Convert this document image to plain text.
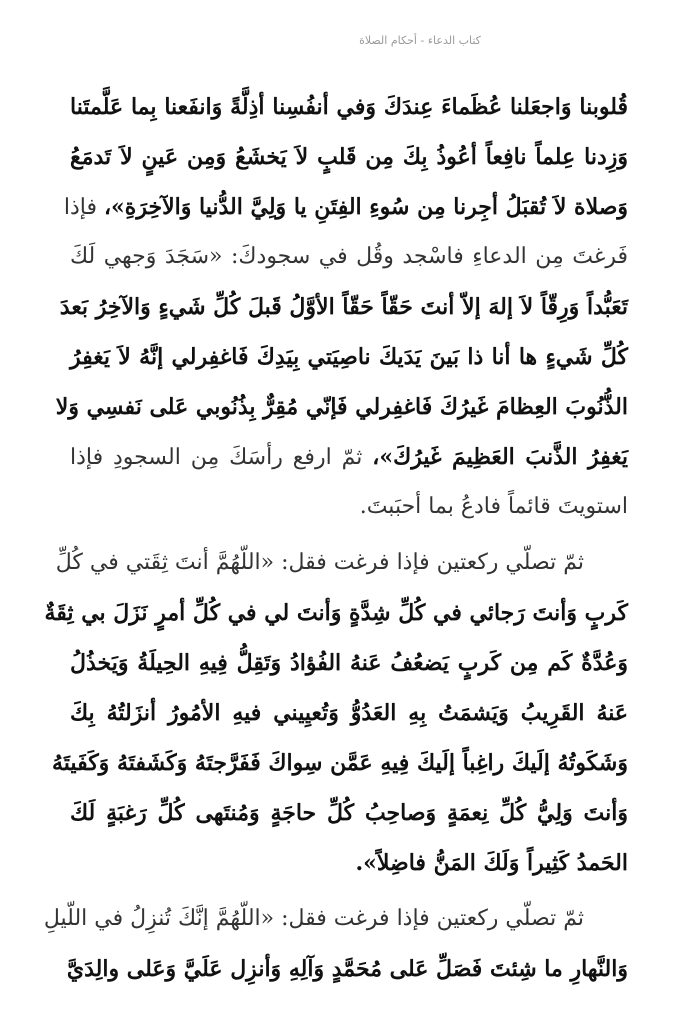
كتاب الدعاء - أحكام الصلاة
قُلوبنا وَاجعَلنا عُظَماءَ عِندَكَ وَفي أنفُسِنا أذِلَّةً وَانفَعنا بِما عَلَّمتَنا
وَزِدنا عِلماً نافِعاً أعُوذُ بِكَ مِن قَلبٍ لاَ يَخشَعُ وَمِن عَينٍ لاَ تَدمَعُ
وَصلاة لاَ تُقبَلُ أجِرنا مِن سُوءِ الفِتَنِ يا وَلِيَّ الدُّنيا وَالآخِرَةِ»، فإذا
فَرغتَ مِن الدعاءِ فاسْجد وقُل في سجودكَ: «سَجَدَ وَجهي لَكَ
تَعَبُّداً وَرِقّاً لاَ إلهَ إلاّ أنتَ حَقّاً حَقّاً الأوَّلُ قَبلَ كُلِّ شَيءٍ وَالآخِرُ بَعدَ
كُلِّ شَيءٍ ها أنا ذا بَينَ يَدَيكَ ناصِيَتي بِيَدِكَ فَاغفِرلي إنَّهُ لاَ يَغفِرُ
الذُّنُوبَ العِظامَ غَيرُكَ فَاغفِرلي فَإنّي مُقِرٌّ بِذُنُوبي عَلى نَفسِي وَلا
يَغفِرُ الذَّنبَ العَظِيمَ غَيرُكَ»، ثمّ ارفع رأسَكَ مِن السجودِ فإذا
استويتَ قائماً فادعُ بما أحبَبتَ.
ثمّ تصلّي ركعتين فإذا فرغت فقل: «اللّهُمَّ أنتَ ثِقَتي في كُلِّ
كَربٍ وَأنتَ رَجائي في كُلِّ شِدَّةٍ وَأنتَ لي في كُلِّ أمرٍ نَزَلَ بي ثِقَةٌ
وَعُدَّةٌ كَم مِن كَربٍ يَضعُفُ عَنهُ الفُؤادُ وَتَقِلُّ فِيهِ الحِيلَةُ وَيَخذُلُ
عَنهُ القَرِيبُ وَيَشمَتُ بِهِ العَدُوُّ وَتُعيِيني فيهِ الأمُورُ أنزَلتُهُ بِكَ
وَشَكَوتُهُ إلَيكَ راغِباً إلَيكَ فِيهِ عَمَّن سِواكَ فَفَرَّجتَهُ وَكَشَفتَهُ وَكَفَيتَهُ
وَأنتَ وَلِيُّ كُلِّ نِعمَةٍ وَصاحِبُ كُلِّ حاجَةٍ وَمُنتَهى كُلِّ رَغبَةٍ لَكَ
الحَمدُ كَثِيراً وَلَكَ المَنُّ فاضِلاً».
ثمّ تصلّي ركعتين فإذا فرغت فقل: «اللّهُمَّ إنَّكَ تُنزِلُ في اللّيلِ
وَالنَّهارِ ما شِئتَ فَصَلِّ عَلى مُحَمَّدٍ وَآلِهِ وَأنزِل عَلَيَّ وَعَلى والِدَيَّ
